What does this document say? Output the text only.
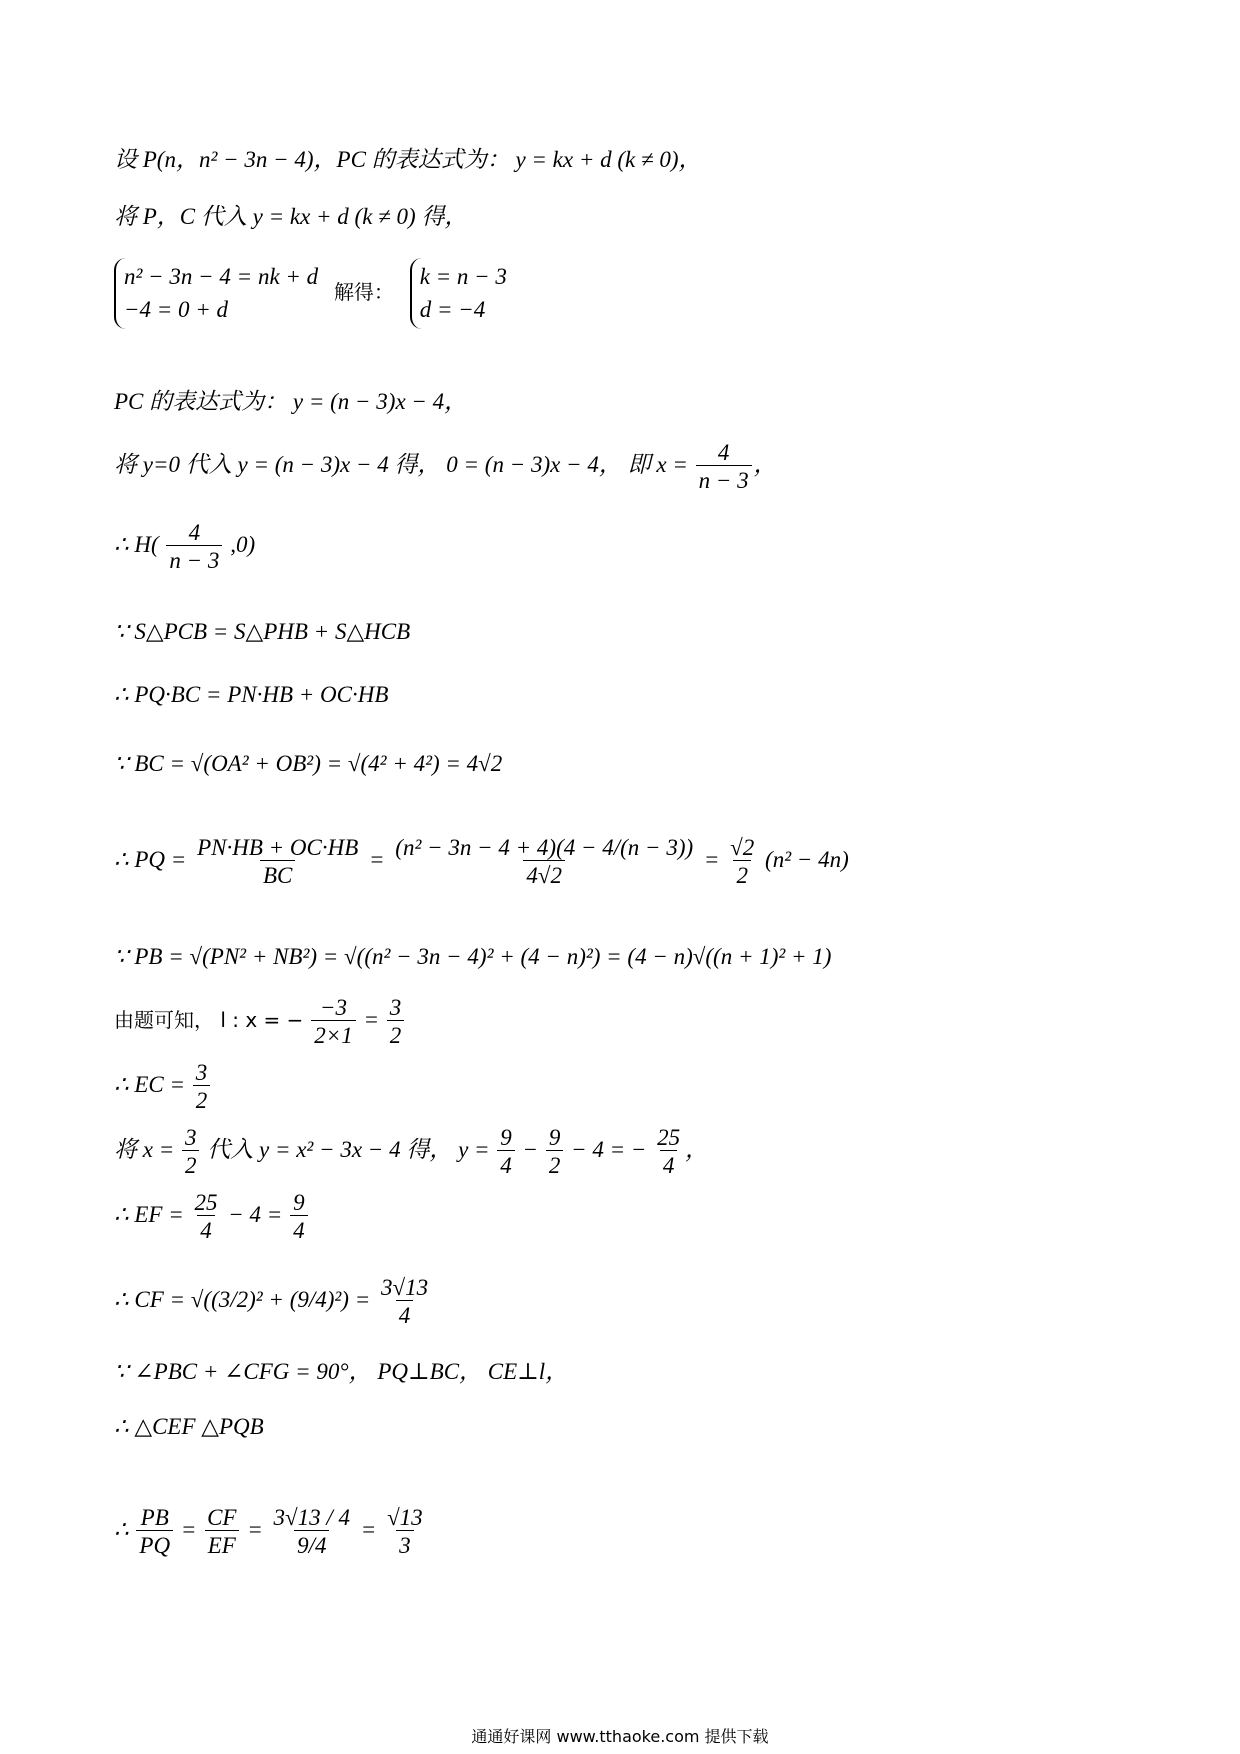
设 P(n，n² − 3n − 4)，PC 的表达式为： y = kx + d (k ≠ 0)，
将 P，C 代入 y = kx + d (k ≠ 0) 得，
n² − 3n − 4 = nk + d
−4 = 0 + d
解得：
k = n − 3
d = −4
PC 的表达式为： y = (n − 3)x − 4，
将 y=0 代入 y = (n − 3)x − 4 得， 0 = (n − 3)x − 4， 即 $x = \frac{4}{n - 3}$ ，
∴ $H( \frac{4}{n - 3} ,0)$
∵ S△PCB = S△PHB + S△HCB
∴ PQ·BC = PN·HB + OC·HB
∵ BC = √(OA² + OB²) = √(4² + 4²) = 4√2
∴ PQ = $\frac{PN\cdot HB + OC\cdot HB}{BC} = \frac{\text{(n² − 3n − 4 + 4)(4 − 4/(n − 3))}}{4√2} = \frac{√2}{2} (n^2 - 4n)$
∵ PB = √(PN² + NB²) = √((n² − 3n − 4)² + (4 − n)²) = (4 − n)√((n + 1)² + 1)
由题可知， l : x = − $\frac{-3}{2\times 1} = \frac{3}{2}$
∴ EC = $\frac{3}{2}$
将 $x = \frac{3}{2}$ 代入 y = x² − 3x − 4 得， $y = \frac{9}{4} - \frac{9}{2} - 4$ = − $\frac{25}{4}$ ，
∴ EF = $\frac{25}{4} - 4 = \frac{9}{4}$
∴ CF = $√((3/2)^2 + (9/4)^2) = \frac{3√13}{4}$
∵ ∠PBC + ∠CFG = 90°， PQ⊥BC， CE⊥l，
∴ △CEF △PQB
∴ $\frac{PB}{PQ} = \frac{CF}{EF} = \frac{3√13 / 4}{9/4} = \frac{√13}{3}$
通通好课网 www.tthaoke.com 提供下载
